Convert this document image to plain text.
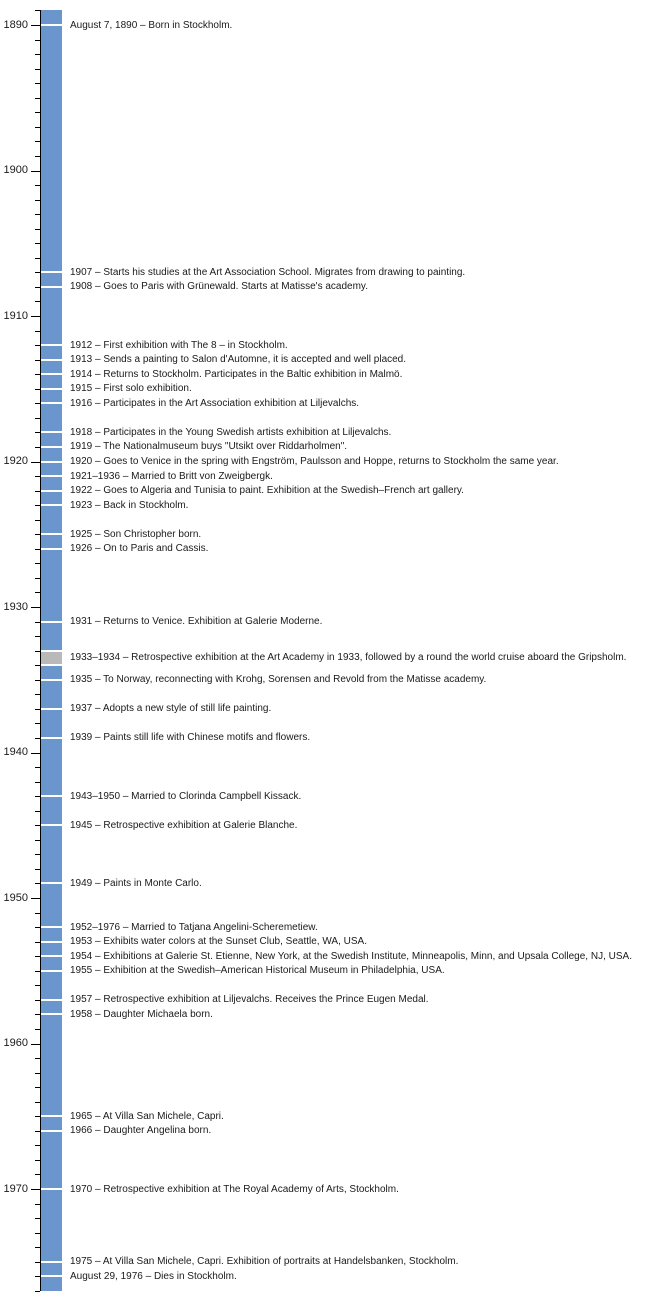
1890
1900
1910
1920
1930
1940
1950
1960
1970
August 7, 1890 – Born in Stockholm.
1907 – Starts his studies at the Art Association School. Migrates from drawing to painting.
1908 – Goes to Paris with Grünewald. Starts at Matisse's academy.
1912 – First exhibition with The 8 – in Stockholm.
1913 – Sends a painting to Salon d'Automne, it is accepted and well placed.
1914 – Returns to Stockholm. Participates in the Baltic exhibition in Malmö.
1915 – First solo exhibition.
1916 – Participates in the Art Association exhibition at Liljevalchs.
1918 – Participates in the Young Swedish artists exhibition at Liljevalchs.
1919 – The Nationalmuseum buys "Utsikt over Riddarholmen".
1920 – Goes to Venice in the spring with Engström, Paulsson and Hoppe, returns to Stockholm the same year.
1921–1936 – Married to Britt von Zweigbergk.
1922 – Goes to Algeria and Tunisia to paint. Exhibition at the Swedish–French art gallery.
1923 – Back in Stockholm.
1925 – Son Christopher born.
1926 – On to Paris and Cassis.
1931 – Returns to Venice. Exhibition at Galerie Moderne.
1933–1934 – Retrospective exhibition at the Art Academy in 1933, followed by a round the world cruise aboard the Gripsholm.
1935 – To Norway, reconnecting with Krohg, Sorensen and Revold from the Matisse academy.
1937 – Adopts a new style of still life painting.
1939 – Paints still life with Chinese motifs and flowers.
1943–1950 – Married to Clorinda Campbell Kissack.
1945 – Retrospective exhibition at Galerie Blanche.
1949 – Paints in Monte Carlo.
1952–1976 – Married to Tatjana Angelini-Scheremetiew.
1953 – Exhibits water colors at the Sunset Club, Seattle, WA, USA.
1954 – Exhibitions at Galerie St. Etienne, New York, at the Swedish Institute, Minneapolis, Minn, and Upsala College, NJ, USA.
1955 – Exhibition at the Swedish–American Historical Museum in Philadelphia, USA.
1957 – Retrospective exhibition at Liljevalchs. Receives the Prince Eugen Medal.
1958 – Daughter Michaela born.
1965 – At Villa San Michele, Capri.
1966 – Daughter Angelina born.
1970 – Retrospective exhibition at The Royal Academy of Arts, Stockholm.
1975 – At Villa San Michele, Capri. Exhibition of portraits at Handelsbanken, Stockholm.
August 29, 1976 – Dies in Stockholm.
